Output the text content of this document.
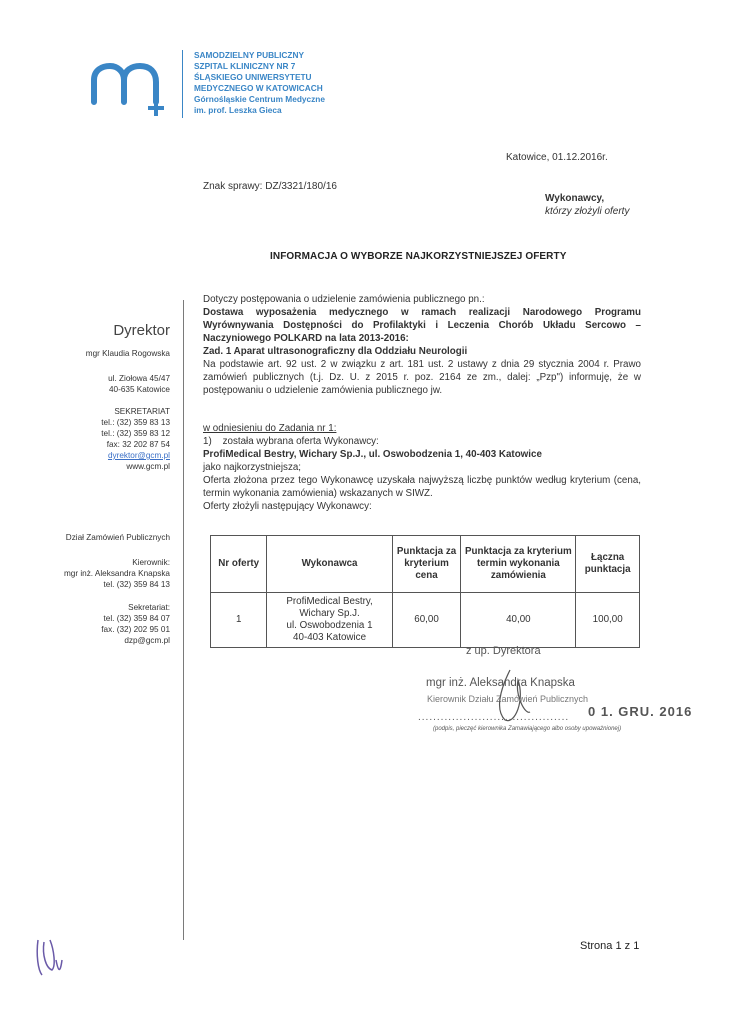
SAMODZIELNY PUBLICZNY
SZPITAL KLINICZNY NR 7
ŚLĄSKIEGO UNIWERSYTETU
MEDYCZNEGO W KATOWICACH
Górnośląskie Centrum Medyczne
im. prof. Leszka Gieca
Dyrektor
mgr Klaudia Rogowska
ul. Ziołowa 45/47
40-635 Katowice
SEKRETARIAT
tel.: (32) 359 83 13
tel.: (32) 359 83 12
fax: 32 202 87 54
dyrektor@gcm.pl
www.gcm.pl
Dział Zamówień Publicznych
Kierownik:
mgr inż. Aleksandra Knapska
tel. (32) 359 84 13
Sekretariat:
tel. (32) 359 84 07
fax. (32) 202 95 01
dzp@gcm.pl
Katowice, 01.12.2016r.
Znak sprawy: DZ/3321/180/16
Wykonawcy,
którzy złożyli oferty
INFORMACJA O WYBORZE NAJKORZYSTNIEJSZEJ OFERTY
Dotyczy postępowania o udzielenie zamówienia publicznego pn.:
Dostawa wyposażenia medycznego w ramach realizacji Narodowego Programu Wyrównywania Dostępności do Profilaktyki i Leczenia Chorób Układu Sercowo – Naczyniowego POLKARD na lata 2013-2016:
Zad. 1 Aparat ultrasonograficzny dla Oddziału Neurologii
Na podstawie art. 92 ust. 2 w związku z art. 181 ust. 2 ustawy z dnia 29 stycznia 2004 r. Prawo zamówień publicznych (t.j. Dz. U. z 2015 r. poz. 2164 ze zm., dalej: „Pzp") informuję, że w postępowaniu o udzielenie zamówienia publicznego jw.
w odniesieniu do Zadania nr 1:
1)    została wybrana oferta Wykonawcy:
ProfiMedical Bestry, Wichary Sp.J., ul. Oswobodzenia 1, 40-403 Katowice
jako najkorzystniejsza;
Oferta złożona przez tego Wykonawcę uzyskała najwyższą liczbę punktów według kryterium (cena, termin wykonania zamówienia) wskazanych w SIWZ.
Oferty złożyli następujący Wykonawcy:
Nr oferty	Wykonawca	Punktacja za kryterium cena	Punktacja za kryterium termin wykonania zamówienia	Łączna punktacja
1	ProfiMedical Bestry,
Wichary Sp.J.
ul. Oswobodzenia 1
40-403 Katowice	60,00	40,00	100,00
z up. Dyrektora
mgr inż. Aleksandra Knapska
Kierownik Działu Zamówień Publicznych
........................................ 0 1. GRU. 2016
(podpis, pieczęć kierownika Zamawiającego albo osoby upoważnionej)
Strona 1 z 1
